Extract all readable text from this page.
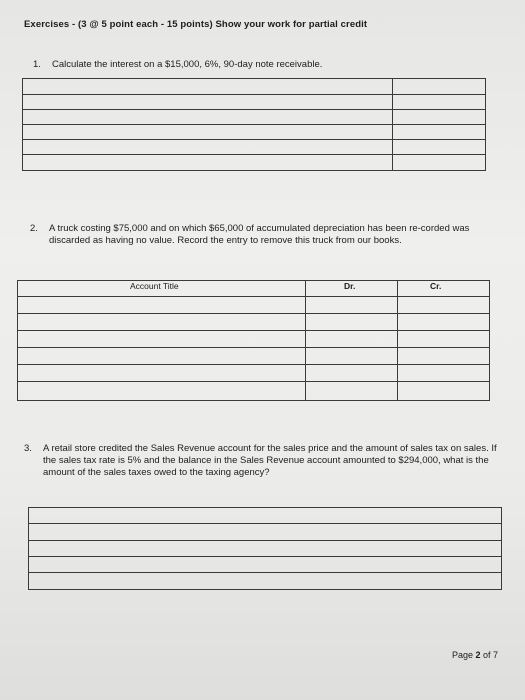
Exercises - (3 @ 5 point each - 15 points) Show your work for partial credit
1. Calculate the interest on a $15,000, 6%, 90-day note receivable.

2. A truck costing $75,000 and on which $65,000 of accumulated depreciation has been re-corded was discarded as having no value. Record the entry to remove this truck from our books.
Account Title	Dr.	Cr.

3. A retail store credited the Sales Revenue account for the sales price and the amount of sales tax on sales. If the sales tax rate is 5% and the balance in the Sales Revenue account amounted to $294,000, what is the amount of the sales taxes owed to the taxing agency?

Page 2 of 7
